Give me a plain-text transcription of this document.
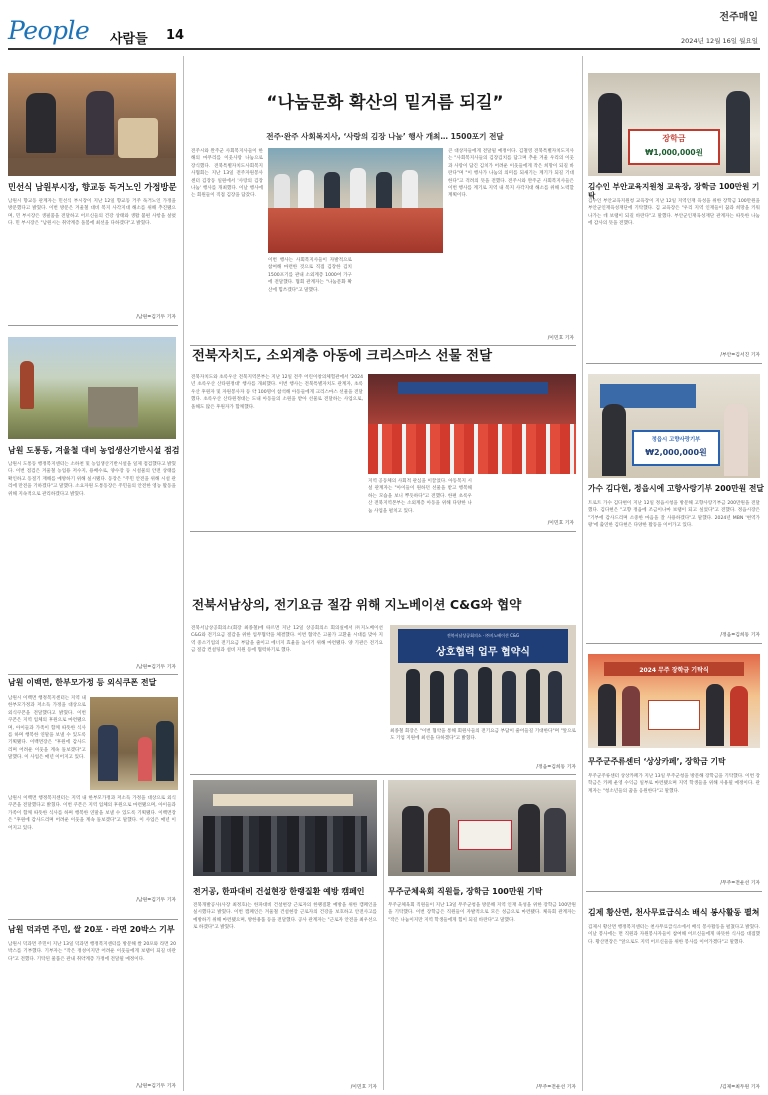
People 사람들 14
전주매일
2024년 12월 16일 월요일
민선식 남원부시장, 향교동 독거노인 가정방문
남원시 향교동 관계자는 민선식 부시장이 지난 12일 향교동 거주 독거노인 가정을 방문했다고 밝혔다. 이번 방문은 겨울철 대비 복지 사각지대 해소를 위해 추진됐으며, 민 부시장은 생필품을 전달하고 어르신들의 건강 상태와 생활 불편 사항을 살폈다. 민 부시장은 "남원시는 취약계층 돌봄에 최선을 다하겠다"고 밝혔다.
/남원=김기두 기자
남원 도통동, 겨울철 대비 농업생산기반시설 점검
남원시 도통동 행정복지센터는 소하천 및 농업생산기반시설을 일제 점검했다고 밝혔다. 이번 점검은 겨울철 농업용 저수지, 용배수로, 양수장 등 시설물의 안전 상태를 확인하고 동절기 재해를 예방하기 위해 실시됐다. 동장은 "주민 안전을 위해 시설 관리에 만전을 기하겠다"고 말했다. 소요자원 도통동장은 주민들의 안전한 영농 활동을 위해 지속적으로 관리하겠다고 밝혔다.
/남원=김기두 기자
남원 이백면, 한부모가정 등 외식쿠폰 전달
남원시 이백면 행정복지센터는 지역 내 한부모가정과 저소득 가정을 대상으로 외식쿠폰을 전달했다고 밝혔다. 이번 쿠폰은 지역 업체의 후원으로 마련됐으며, 아이들과 가족이 함께 따뜻한 식사를 하며 행복한 연말을 보낼 수 있도록 기획됐다. 이백면장은 "후원에 감사드리며 어려운 이웃을 계속 돌보겠다"고 말했다. 이 사업은 매년 이어지고 있다.
/남원=김기두 기자
남원시 이백면 행정복지센터는 지역 내 한부모가정과 저소득 가정을 대상으로 외식쿠폰을 전달했다고 밝혔다. 이번 쿠폰은 지역 업체의 후원으로 마련됐으며, 아이들과 가족이 함께 따뜻한 식사를 하며 행복한 연말을 보낼 수 있도록 기획됐다. 이백면장은 "후원에 감사드리며 어려운 이웃을 계속 돌보겠다"고 말했다. 이 사업은 매년 이어지고 있다.
남원 덕과면 주민, 쌀 20포 · 라면 20박스 기부
남원시 덕과면 주민이 지난 13일 덕과면 행정복지센터를 방문해 쌀 20포와 라면 20박스를 기부했다. 기부자는 "작은 정성이지만 어려운 이웃들에게 보탬이 되길 바란다"고 전했다. 기탁된 물품은 관내 취약계층 가정에 전달될 예정이다.
/남원=김기두 기자
“나눔문화 확산의 밑거름 되길”
전주·완주 사회복지사, ‘사랑의 김장 나눔’ 행사 개최… 1500포기 전달
전주시와 완주군 사회복지사들이 한 해의 마무리를 이웃사랑 나눔으로 장식했다. 전북특별자치도사회복지사협회는 지난 13일 전주자원봉사센터 김장동 일원에서 '사랑의 김장 나눔' 행사를 개최했다. 이날 행사에는 회원들이 직접 김장을 담갔다.
이번 행사는 사회복지사들이 자발적으로 참여해 마련한 것으로 직접 김장한 김치 1500포기를 관내 소외계층 1000여 가구에 전달했다. 협회 관계자는 "나눔문화 확산에 힘쓰겠다"고 말했다.
큰 대상자들에게 전달될 예정이다. 김철영 전북특별자치도지사는 "사회복지사들의 김장김치를 담그며 추운 겨울 우리의 이웃과 사랑이 담긴 김치가 어려운 이웃들에게 작은 희망이 되길 바란다"며 "이 행사가 나눔의 의미를 되새기는 계기가 되길 기대한다"고 격려의 뜻을 전했다. 전주시와 완주군 사회복지사들은 이번 행사를 계기로 지역 내 복지 사각지대 해소를 위해 노력할 계획이다.
/이민호 기자
전북자치도, 소외계층 아동에 크리스마스 선물 전달
전북자치도와 초록우산 전북지역본부는 지난 12일 전주 어린이창의체험관에서 '2024년 초록우산 산타원정대' 행사를 개최했다. 이번 행사는 전북특별자치도 관계자, 초록우산 후원자 및 자원봉사자 등 약 100명이 참석해 아동들에게 크리스마스 선물을 전달했다. 초록우산 산타원정대는 도내 아동들의 소원을 받아 선물로 전달하는 사업으로, 올해도 많은 후원자가 함께했다.
지역 공동체의 사회적 관심을 이끌었다. 아동복지 시설 관계자는 "아이들이 원하던 선물을 받고 행복해하는 모습을 보니 뿌듯하다"고 전했다. 한편 초록우산 전북지역본부는 소외계층 아동을 위해 다양한 나눔 사업을 펼치고 있다.
/이민호 기자
전북서남상의, 전기요금 절감 위해 지노베이션 C&G와 협약
전북서남상공회의소(회장 최종철)에 따르면 지난 12일 상공회의소 회의실에서 ㈜지노베이션 C&G와 전기요금 절감을 위한 업무협약을 체결했다. 이번 협약은 고물가 고환율 시대를 맞아 지역 중소기업의 전기요금 부담을 줄이고 에너지 효율을 높이기 위해 마련됐다. 양 기관은 전기요금 절감 컨설팅과 설비 지원 등에 협력하기로 했다.
전북서남상공회의소 · ㈜지노베이션 C&G
상호협력 업무 협약식
최종철 회장은 "이번 협약을 통해 회원사들의 전기요금 부담이 줄어들길 기대한다"며 "앞으로도 기업 지원에 최선을 다하겠다"고 밝혔다.
/정읍=김희동 기자
전거공, 한파대비 건설현장 한랭질환 예방 캠페인
전북개발공사(사장 최정호)는 한파대비 건설현장 근로자의 한랭질환 예방을 위한 캠페인을 실시했다고 밝혔다. 이번 캠페인은 겨울철 건설현장 근로자의 건강을 보호하고 안전사고를 예방하기 위해 마련됐으며, 방한용품 등을 전달했다. 공사 관계자는 "근로자 안전을 최우선으로 하겠다"고 밝혔다.
/이민호 기자
무주군체육회 직원들, 장학금 100만원 기탁
무주군체육회 직원들이 지난 13일 무주군청을 방문해 지역 인재 육성을 위한 장학금 100만원을 기탁했다. 이번 장학금은 직원들이 자발적으로 모은 성금으로 마련됐다. 체육회 관계자는 "작은 나눔이지만 지역 학생들에게 힘이 되길 바란다"고 말했다.
/무주=전운선 기자
장학금
₩1,000,000원
김수인 부안교육지원청 교육장, 장학금 100만원 기탁
김수인 부안교육지원청 교육장이 지난 12일 지역인재 육성을 위한 장학금 100만원을 부안군인재육성재단에 기탁했다. 김 교육장은 "우리 지역 인재들이 꿈과 희망을 키워 나가는 데 보탬이 되길 바란다"고 말했다. 부안군인재육성재단 관계자는 따뜻한 나눔에 감사의 뜻을 전했다.
/부안=김서진 기자
정읍시 고향사랑기부
₩2,000,000원
가수 김다현, 정읍시에 고향사랑기부 200만원 전달
트로트 가수 김다현이 지난 12일 정읍시청을 방문해 고향사랑기부금 200만원을 전달했다. 김다현은 "고향 정읍에 조금이나마 보탬이 되고 싶었다"고 전했다. 정읍시장은 "기부에 감사드리며 소중한 마음을 잘 사용하겠다"고 말했다. 2024년 MBN '현역가왕'에 출연한 김다현은 다양한 활동을 이어가고 있다.
/정읍=김희동 기자
2024 무주 장학금 기탁식
무주군주류센터 ‘상상카페’, 장학금 기탁
무주군주류센터 상상카페가 지난 13일 무주군청을 방문해 장학금을 기탁했다. 이번 장학금은 카페 운영 수익금 일부로 마련됐으며 지역 학생들을 위해 사용될 예정이다. 관계자는 "청소년들의 꿈을 응원한다"고 말했다.
/무주=전운선 기자
김제 황산면, 천사무료급식소 배식 봉사활동 펼쳐
김제시 황산면 행정복지센터는 천사무료급식소에서 배식 봉사활동을 펼쳤다고 밝혔다. 이날 봉사에는 면 직원과 자원봉사자들이 참여해 어르신들에게 따뜻한 식사를 대접했다. 황산면장은 "앞으로도 지역 어르신들을 위한 봉사를 이어가겠다"고 말했다.
/김제=최두원 기자
